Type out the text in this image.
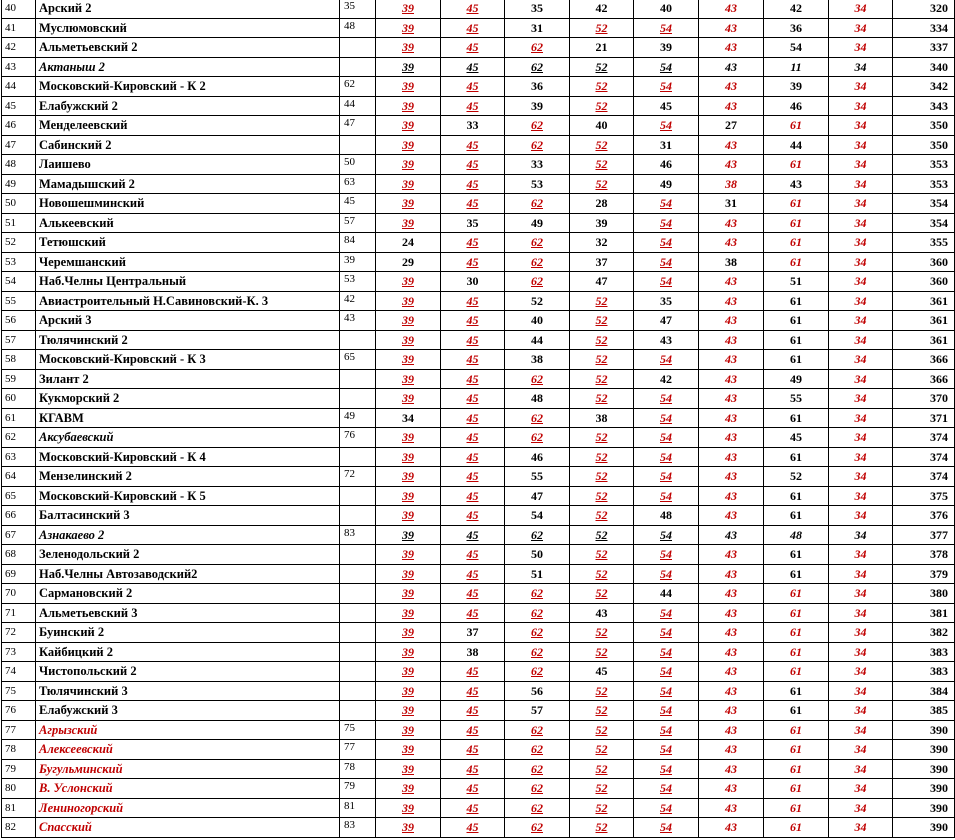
40	Арский 2	35	39	45	35	42	40	43	42	34	320
41	Муслюмовский	48	39	45	31	52	54	43	36	34	334
42	Альметьевский 2		39	45	62	21	39	43	54	34	337
43	Актаныш 2		39	45	62	52	54	43	11	34	340
44	Московский-Кировский - К 2	62	39	45	36	52	54	43	39	34	342
45	Елабужский 2	44	39	45	39	52	45	43	46	34	343
46	Менделеевский	47	39	33	62	40	54	27	61	34	350
47	Сабинский 2		39	45	62	52	31	43	44	34	350
48	Лаишево	50	39	45	33	52	46	43	61	34	353
49	Мамадышский 2	63	39	45	53	52	49	38	43	34	353
50	Новошешминский	45	39	45	62	28	54	31	61	34	354
51	Алькеевский	57	39	35	49	39	54	43	61	34	354
52	Тетюшский	84	24	45	62	32	54	43	61	34	355
53	Черемшанский	39	29	45	62	37	54	38	61	34	360
54	Наб.Челны Центральный	53	39	30	62	47	54	43	51	34	360
55	Авиастроительный Н.Савиновский-К. 3	42	39	45	52	52	35	43	61	34	361
56	Арский 3	43	39	45	40	52	47	43	61	34	361
57	Тюлячинский 2		39	45	44	52	43	43	61	34	361
58	Московский-Кировский - К 3	65	39	45	38	52	54	43	61	34	366
59	Зилант 2		39	45	62	52	42	43	49	34	366
60	Кукморский 2		39	45	48	52	54	43	55	34	370
61	КГАВМ	49	34	45	62	38	54	43	61	34	371
62	Аксубаевский	76	39	45	62	52	54	43	45	34	374
63	Московский-Кировский - К 4		39	45	46	52	54	43	61	34	374
64	Мензелинский 2	72	39	45	55	52	54	43	52	34	374
65	Московский-Кировский - К 5		39	45	47	52	54	43	61	34	375
66	Балтасинский 3		39	45	54	52	48	43	61	34	376
67	Азнакаево 2	83	39	45	62	52	54	43	48	34	377
68	Зеленодольский 2		39	45	50	52	54	43	61	34	378
69	Наб.Челны Автозаводский2		39	45	51	52	54	43	61	34	379
70	Сармановский 2		39	45	62	52	44	43	61	34	380
71	Альметьевский 3		39	45	62	43	54	43	61	34	381
72	Буинский 2		39	37	62	52	54	43	61	34	382
73	Кайбицкий 2		39	38	62	52	54	43	61	34	383
74	Чистопольский 2		39	45	62	45	54	43	61	34	383
75	Тюлячинский 3		39	45	56	52	54	43	61	34	384
76	Елабужский 3		39	45	57	52	54	43	61	34	385
77	Агрызский	75	39	45	62	52	54	43	61	34	390
78	Алексеевский	77	39	45	62	52	54	43	61	34	390
79	Бугульминский	78	39	45	62	52	54	43	61	34	390
80	В. Услонский	79	39	45	62	52	54	43	61	34	390
81	Лениногорский	81	39	45	62	52	54	43	61	34	390
82	Спасский	83	39	45	62	52	54	43	61	34	390
